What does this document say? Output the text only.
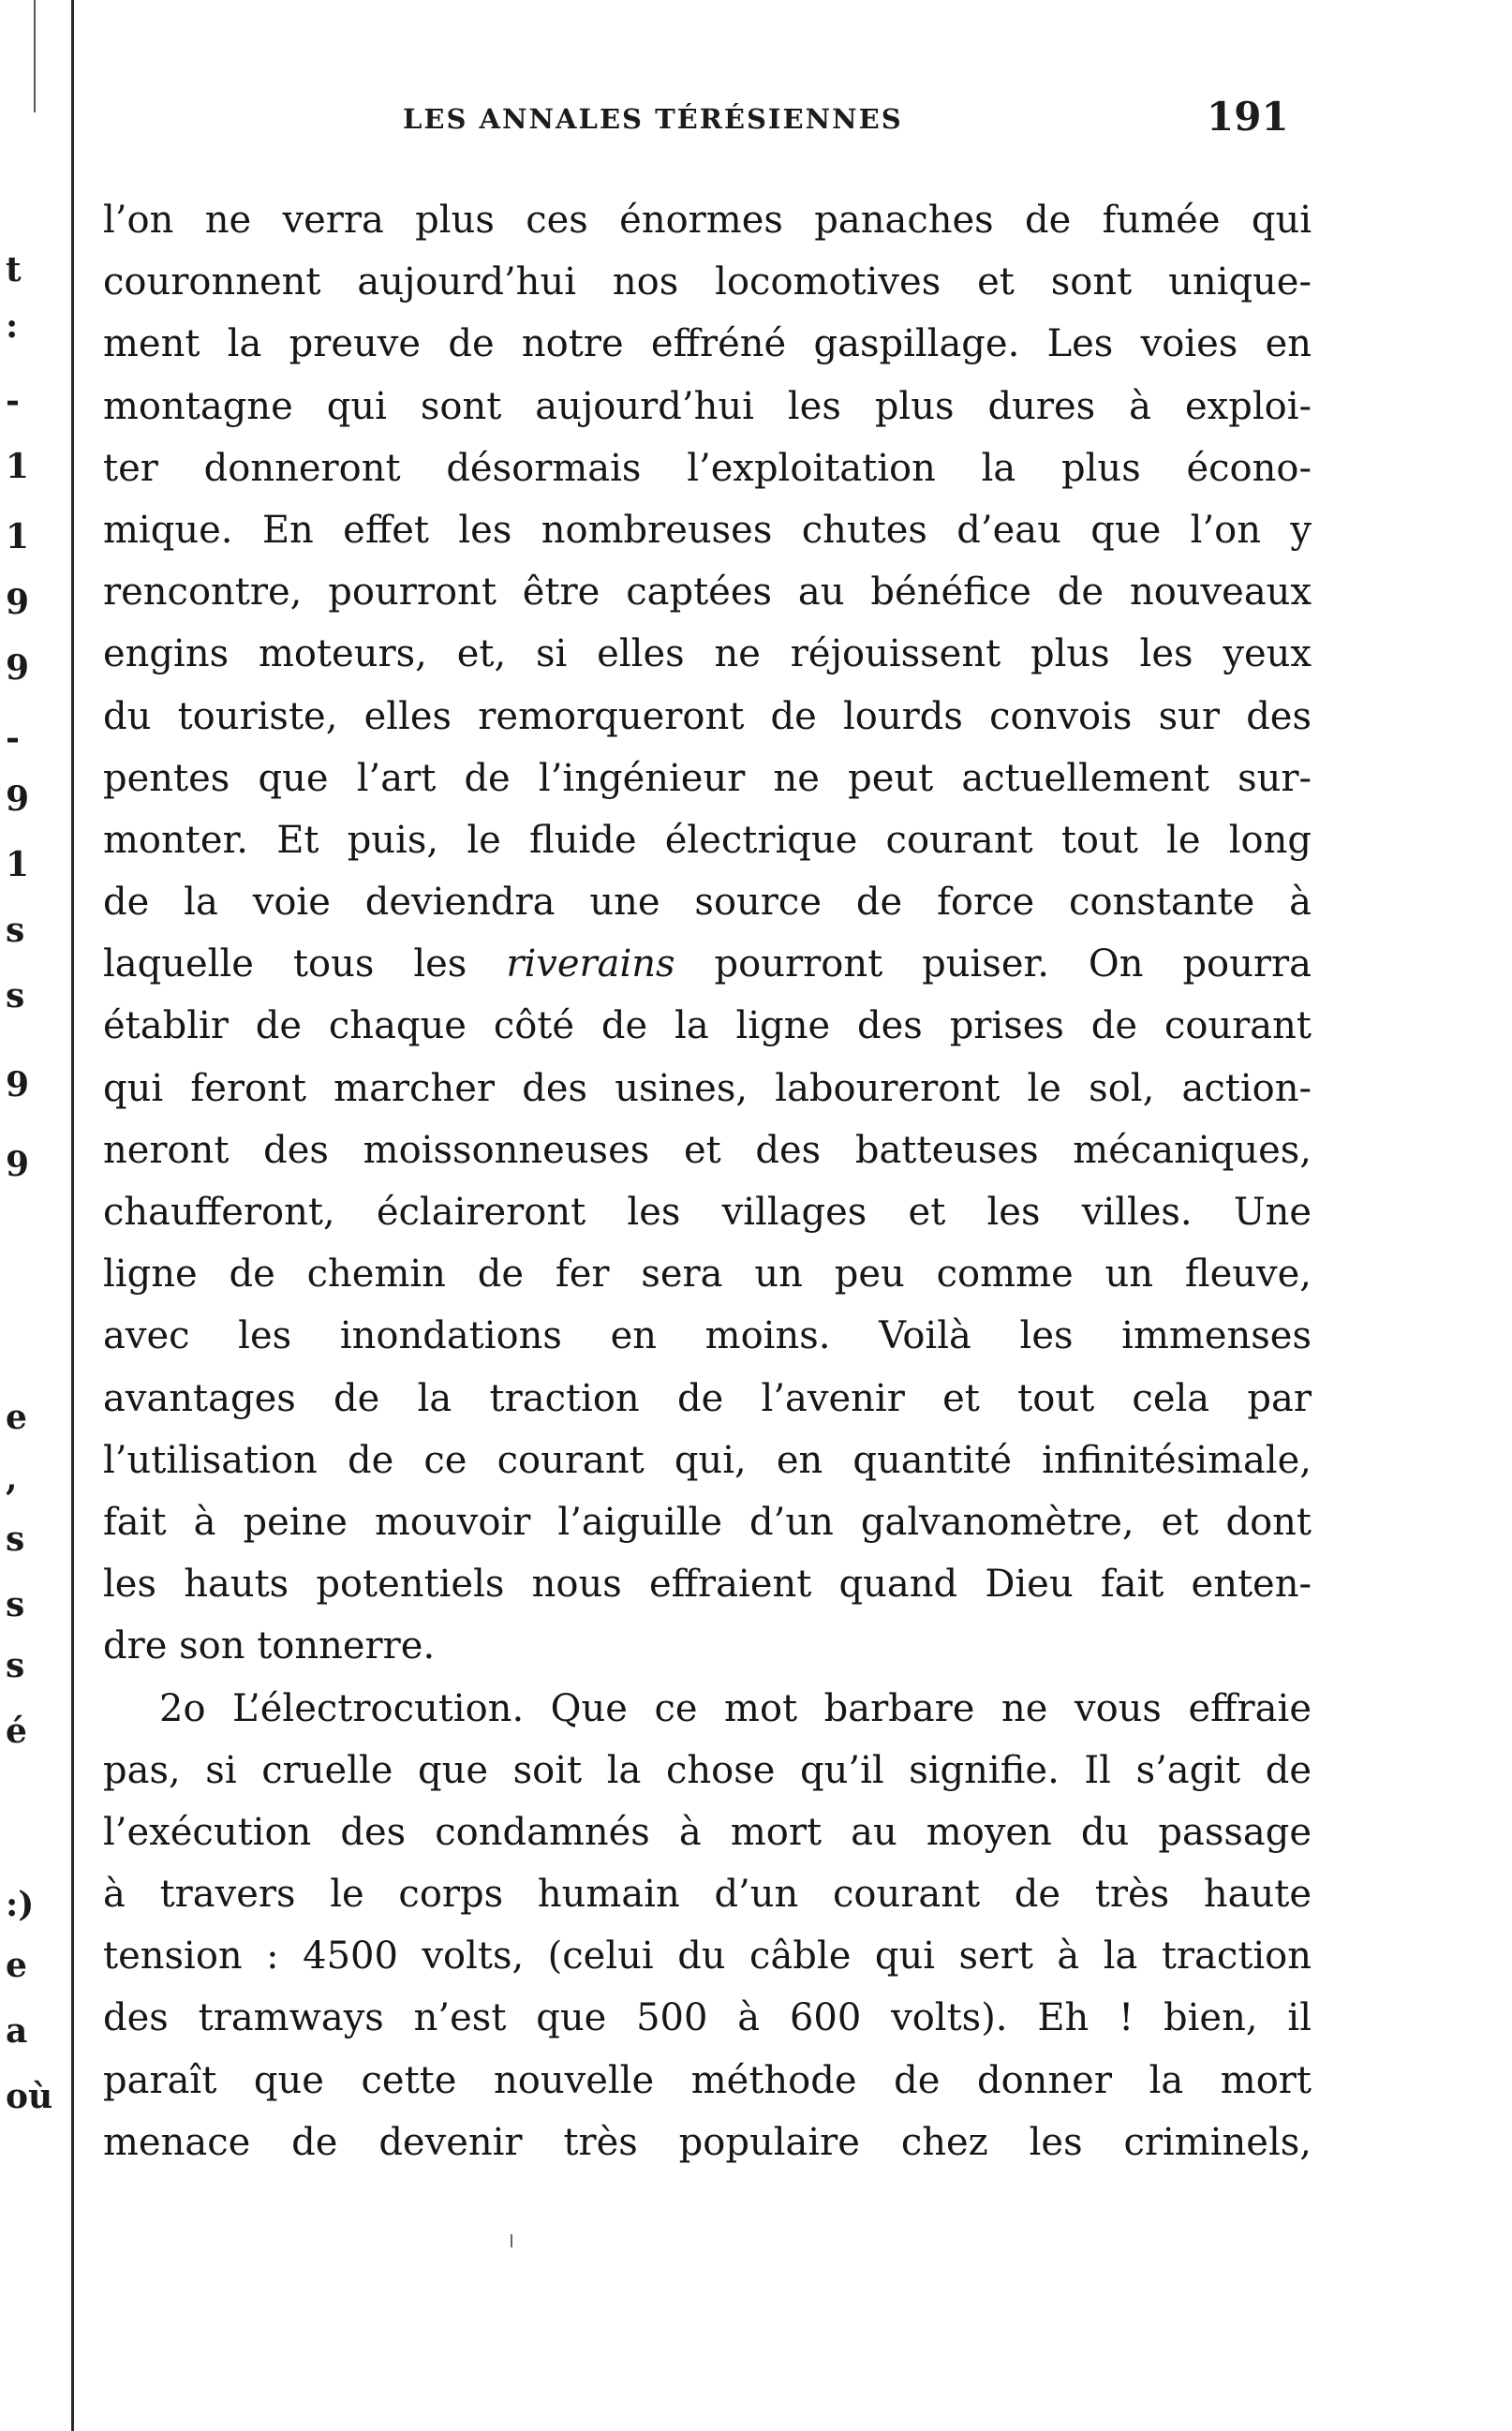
t
:
-
1
1
9
9
-
9
1
s
s
9
9
e
,
s
s
s
é
:)
e
a
où
LES ANNALES TÉRÉSIENNES	191
l’on ne verra plus ces énormes panaches de fumée qui
couronnent aujourd’hui nos locomotives et sont unique-
ment la preuve de notre effréné gaspillage. Les voies en
montagne qui sont aujourd’hui les plus dures à exploi-
ter donneront désormais l’exploitation la plus écono-
mique. En effet les nombreuses chutes d’eau que l’on y
rencontre, pourront être captées au bénéfice de nouveaux
engins moteurs, et, si elles ne réjouissent plus les yeux
du touriste, elles remorqueront de lourds convois sur des
pentes que l’art de l’ingénieur ne peut actuellement sur-
monter. Et puis, le fluide électrique courant tout le long
de la voie deviendra une source de force constante à
laquelle tous les riverains pourront puiser. On pourra
établir de chaque côté de la ligne des prises de courant
qui feront marcher des usines, laboureront le sol, action-
neront des moissonneuses et des batteuses mécaniques,
chaufferont, éclaireront les villages et les villes. Une
ligne de chemin de fer sera un peu comme un fleuve,
avec les inondations en moins. Voilà les immenses
avantages de la traction de l’avenir et tout cela par
l’utilisation de ce courant qui, en quantité infinitésimale,
fait à peine mouvoir l’aiguille d’un galvanomètre, et dont
les hauts potentiels nous effraient quand Dieu fait enten-
dre son tonnerre.
2o L’électrocution. Que ce mot barbare ne vous effraie
pas, si cruelle que soit la chose qu’il signifie. Il s’agit de
l’exécution des condamnés à mort au moyen du passage
à travers le corps humain d’un courant de très haute
tension : 4500 volts, (celui du câble qui sert à la traction
des tramways n’est que 500 à 600 volts). Eh ! bien, il
paraît que cette nouvelle méthode de donner la mort
menace de devenir très populaire chez les criminels,
